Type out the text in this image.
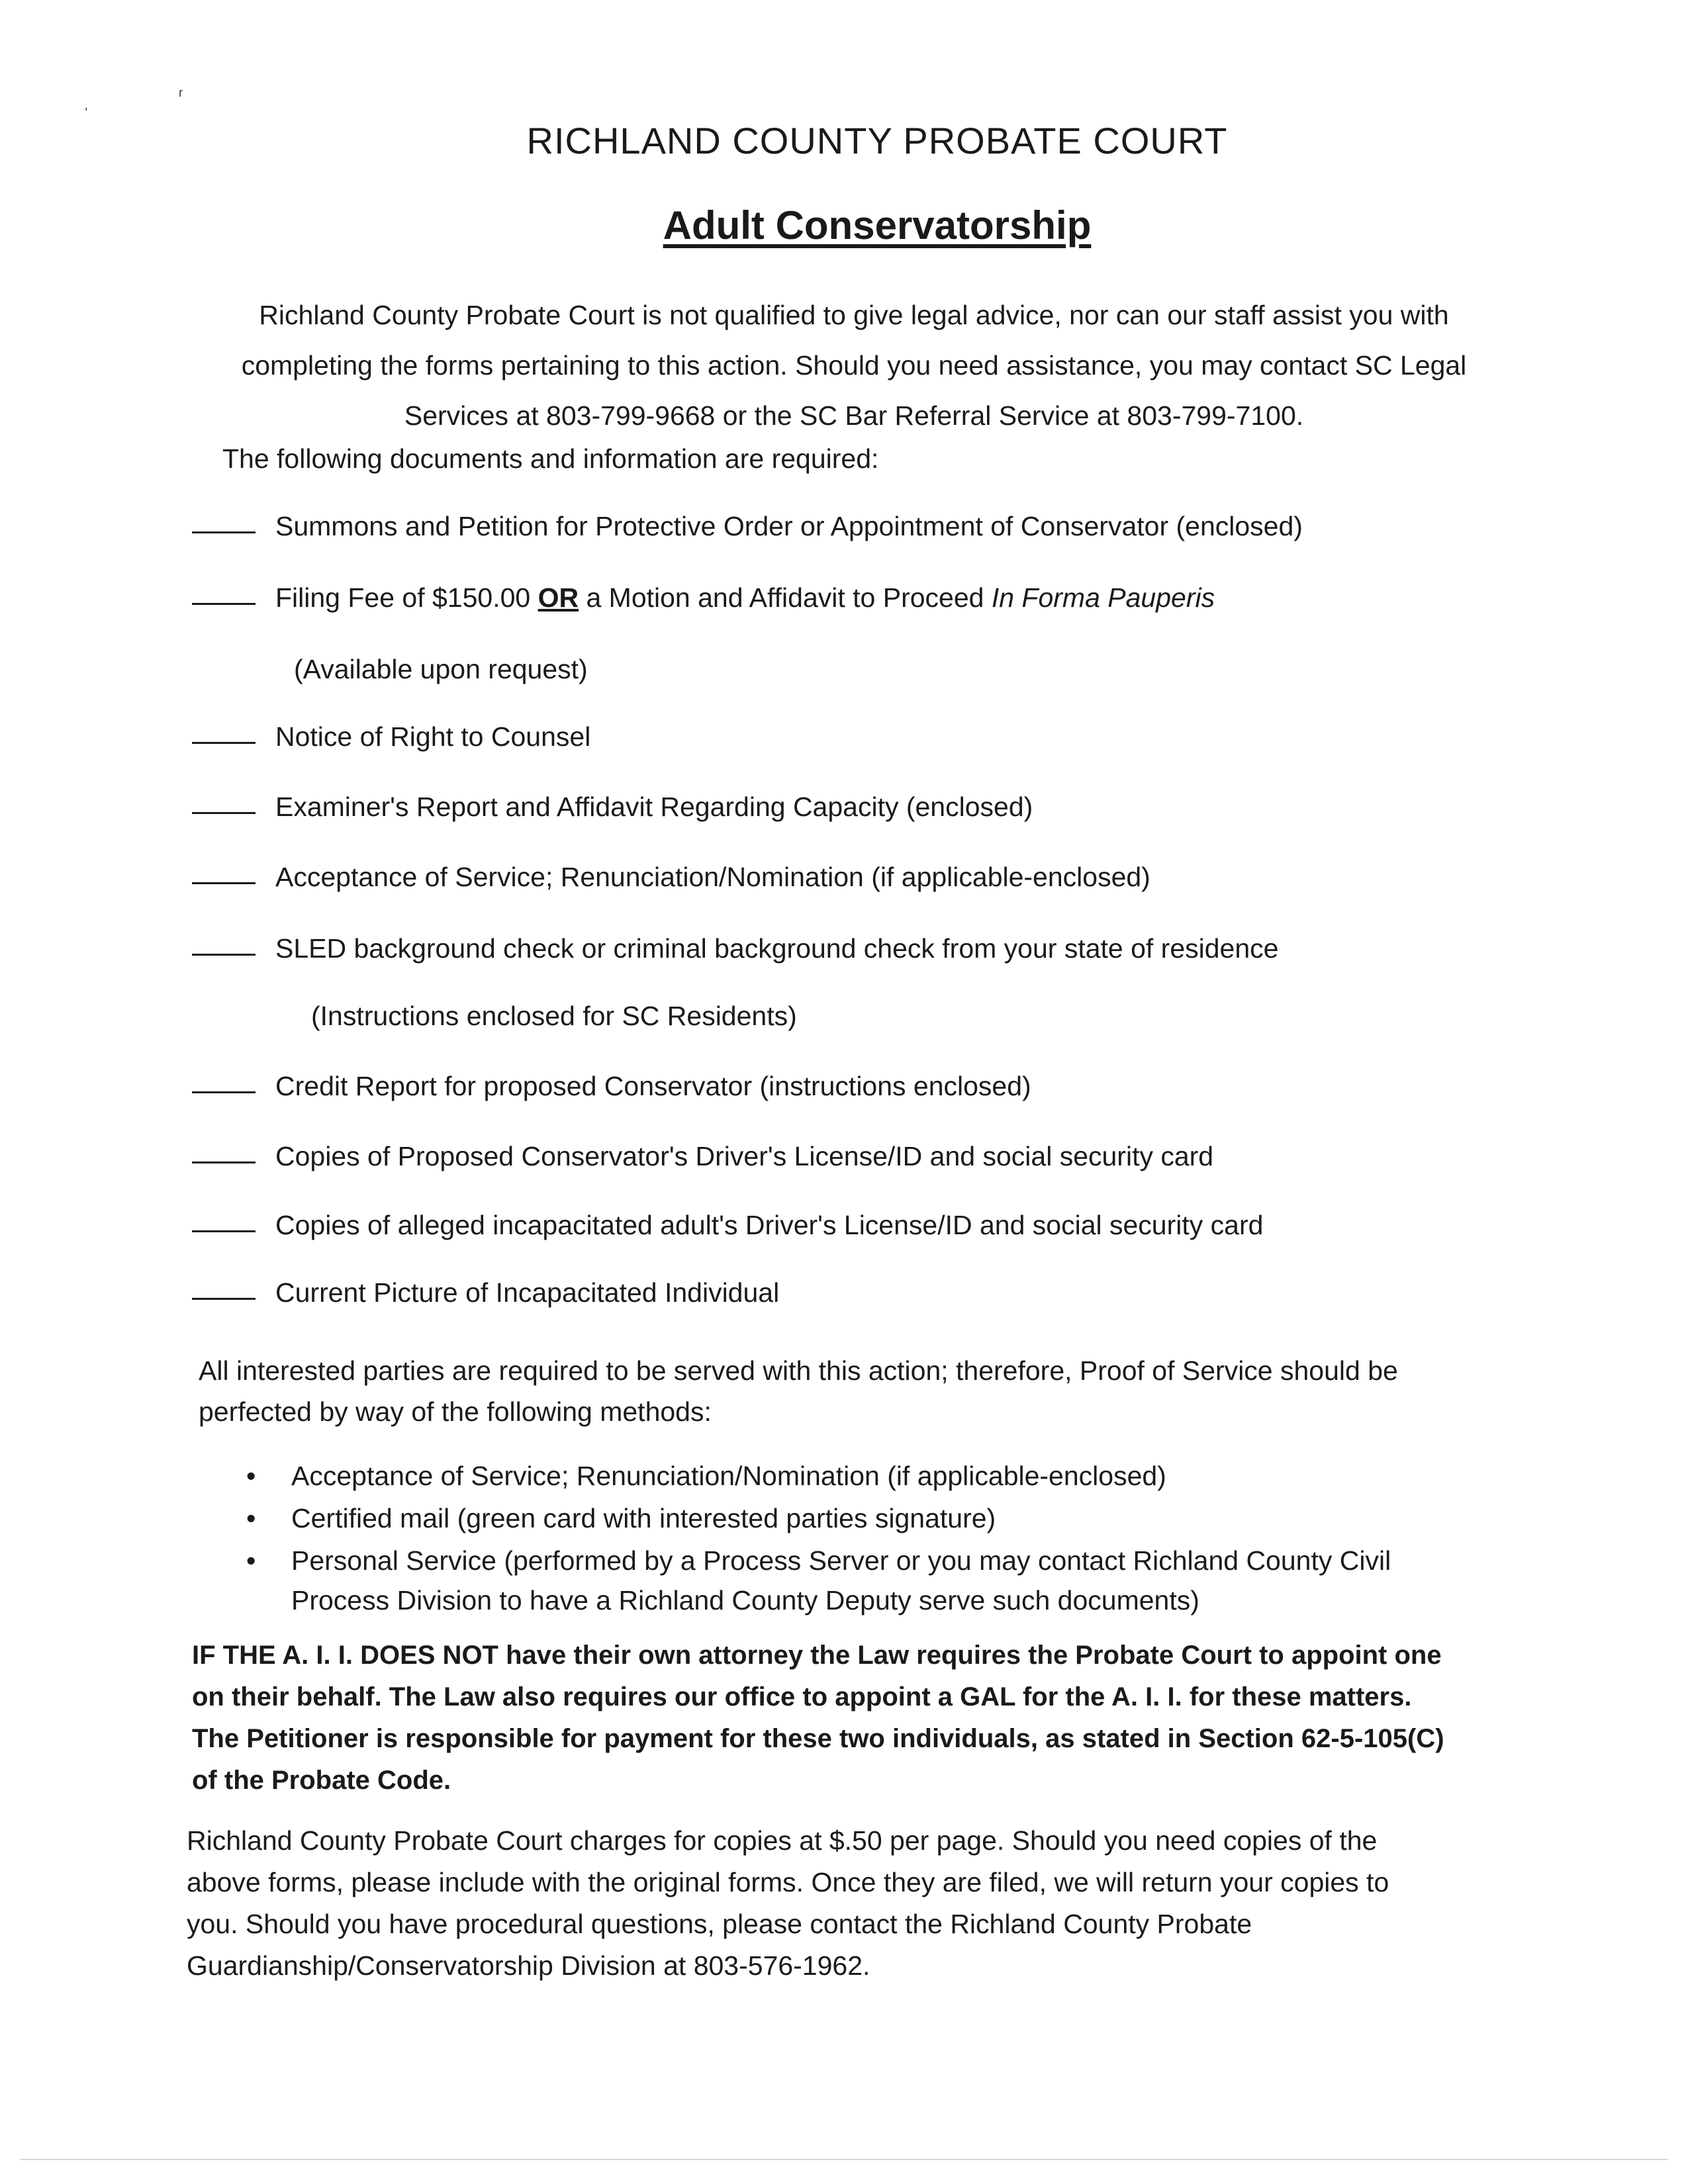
ˌ	ʳ
RICHLAND COUNTY PROBATE COURT
Adult Conservatorship
Richland County Probate Court is not qualified to give legal advice, nor can our staff assist you with completing the forms pertaining to this action. Should you need assistance, you may contact SC Legal Services at 803-799-9668 or the SC Bar Referral Service at 803-799-7100.
The following documents and information are required:
Summons and Petition for Protective Order or Appointment of Conservator (enclosed)
Filing Fee of $150.00 OR a Motion and Affidavit to Proceed In Forma Pauperis
(Available upon request)
Notice of Right to Counsel
Examiner's Report and Affidavit Regarding Capacity (enclosed)
Acceptance of Service; Renunciation/Nomination (if applicable-enclosed)
SLED background check or criminal background check from your state of residence
(Instructions enclosed for SC Residents)
Credit Report for proposed Conservator (instructions enclosed)
Copies of Proposed Conservator's Driver's License/ID and social security card
Copies of alleged incapacitated adult's Driver's License/ID and social security card
Current Picture of Incapacitated Individual
All interested parties are required to be served with this action; therefore, Proof of Service should be perfected by way of the following methods:
• Acceptance of Service; Renunciation/Nomination (if applicable-enclosed)
• Certified mail (green card with interested parties signature)
• Personal Service (performed by a Process Server or you may contact Richland County Civil Process Division to have a Richland County Deputy serve such documents)
IF THE A. I. I. DOES NOT have their own attorney the Law requires the Probate Court to appoint one on their behalf. The Law also requires our office to appoint a GAL for the A. I. I. for these matters. The Petitioner is responsible for payment for these two individuals, as stated in Section 62-5-105(C) of the Probate Code.
Richland County Probate Court charges for copies at $.50 per page. Should you need copies of the above forms, please include with the original forms. Once they are filed, we will return your copies to you. Should you have procedural questions, please contact the Richland County Probate Guardianship/Conservatorship Division at 803-576-1962.
